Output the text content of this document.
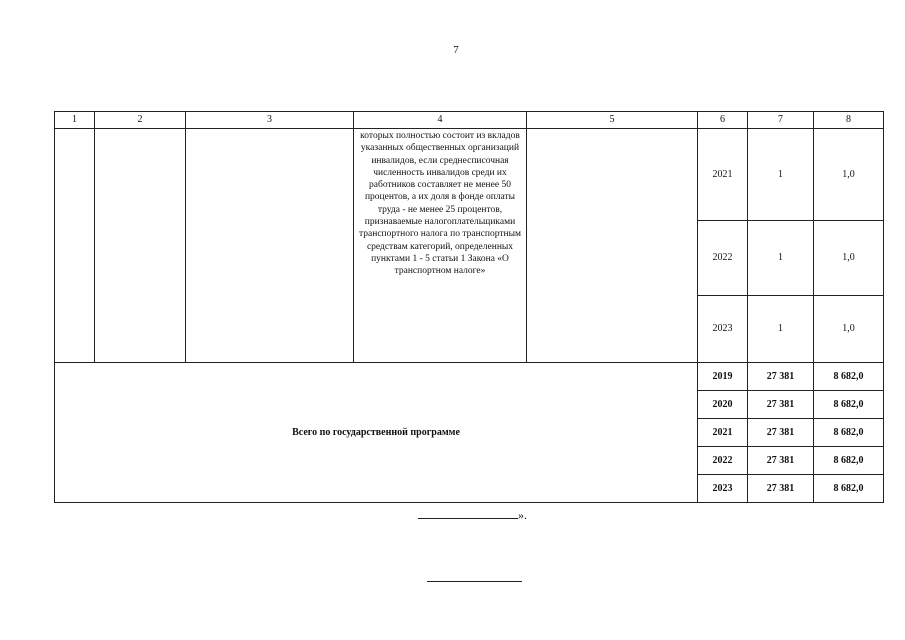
7
1	2	3	4	5	6	7	8

			которых полностью состоит из вкладов указанных общественных организаций инвалидов, если среднесписочная численность инвалидов среди их работников составляет не менее 50 процентов, а их доля в фонде оплаты труда - не менее 25 процентов, признаваемые налогоплательщиками транспортного налога по транспортным средствам категорий, определенных пунктами 1 - 5 статьи 1 Закона «О транспортном налоге»		2021	1	1,0
					2022	1	1,0
					2023	1	1,0
Всего по государственной программе					2019	27 381	8 682,0
					2020	27 381	8 682,0
					2021	27 381	8 682,0
					2022	27 381	8 682,0
					2023	27 381	8 682,0
».
